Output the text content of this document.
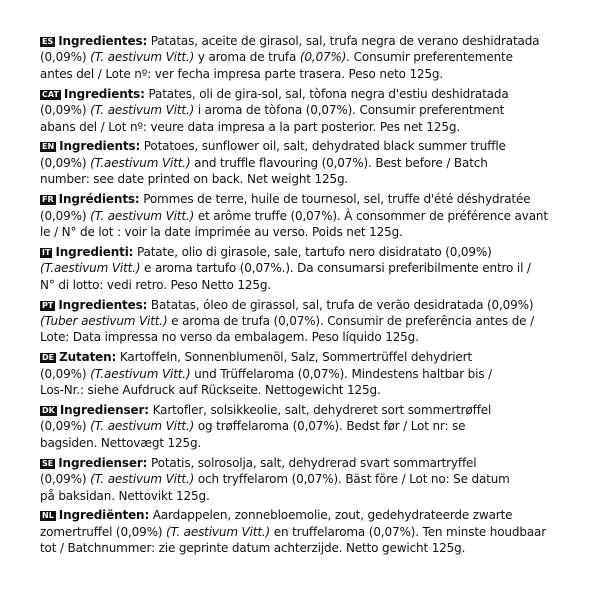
ES Ingredientes: Patatas, aceite de girasol, sal, trufa negra de verano deshidratada
(0,09%) (T. aestivum Vitt.) y aroma de trufa (0,07%). Consumir preferentemente
antes del / Lote nº: ver fecha impresa parte trasera. Peso neto 125g.
CAT Ingredients: Patates, oli de gira-sol, sal, tòfona negra d'estiu deshidratada
(0,09%) (T. aestivum Vitt.) i aroma de tòfona (0,07%). Consumir preferentment
abans del / Lot nº: veure data impresa a la part posterior. Pes net 125g.
EN Ingredients: Potatoes, sunflower oil, salt, dehydrated black summer truffle
(0,09%) (T.aestivum Vitt.) and truffle flavouring (0,07%). Best before / Batch
number: see date printed on back. Net weight 125g.
FR Ingrédients: Pommes de terre, huile de tournesol, sel, truffe d'été déshydratée
(0,09%) (T. aestivum Vitt.) et arôme truffe (0,07%). À consommer de préférence avant
le / N° de lot : voir la date imprimée au verso. Poids net 125g.
IT Ingredienti: Patate, olio di girasole, sale, tartufo nero disidratato (0,09%)
(T.aestivum Vitt.) e aroma tartufo (0,07%.). Da consumarsi preferibilmente entro il /
N° di lotto: vedi retro. Peso Netto 125g.
PT Ingredientes: Batatas, óleo de girassol, sal, trufa de verão desidratada (0,09%)
(Tuber aestivum Vitt.) e aroma de trufa (0,07%). Consumir de preferência antes de /
Lote: Data impressa no verso da embalagem. Peso líquido 125g.
DE Zutaten: Kartoffeln, Sonnenblumenöl, Salz, Sommertrüffel dehydriert
(0,09%) (T.aestivum Vitt.) und Trüffelaroma (0,07%). Mindestens haltbar bis /
Los-Nr.: siehe Aufdruck auf Rückseite. Nettogewicht 125g.
DK Ingredienser: Kartofler, solsikkeolie, salt, dehydreret sort sommertrøffel
(0,09%) (T. aestivum Vitt.) og trøffelaroma (0,07%). Bedst før / Lot nr: se
bagsiden. Nettovægt 125g.
SE Ingredienser: Potatis, solrosolja, salt, dehydrerad svart sommartryffel
(0,09%) (T. aestivum Vitt.) och tryffelarom (0,07%). Bäst före / Lot no: Se datum
på baksidan. Nettovikt 125g.
NL Ingrediënten: Aardappelen, zonnebloemolie, zout, gedehydrateerde zwarte
zomertruffel (0,09%) (T. aestivum Vitt.) en truffelaroma (0,07%). Ten minste houdbaar
tot / Batchnummer: zie geprinte datum achterzijde. Netto gewicht 125g.
